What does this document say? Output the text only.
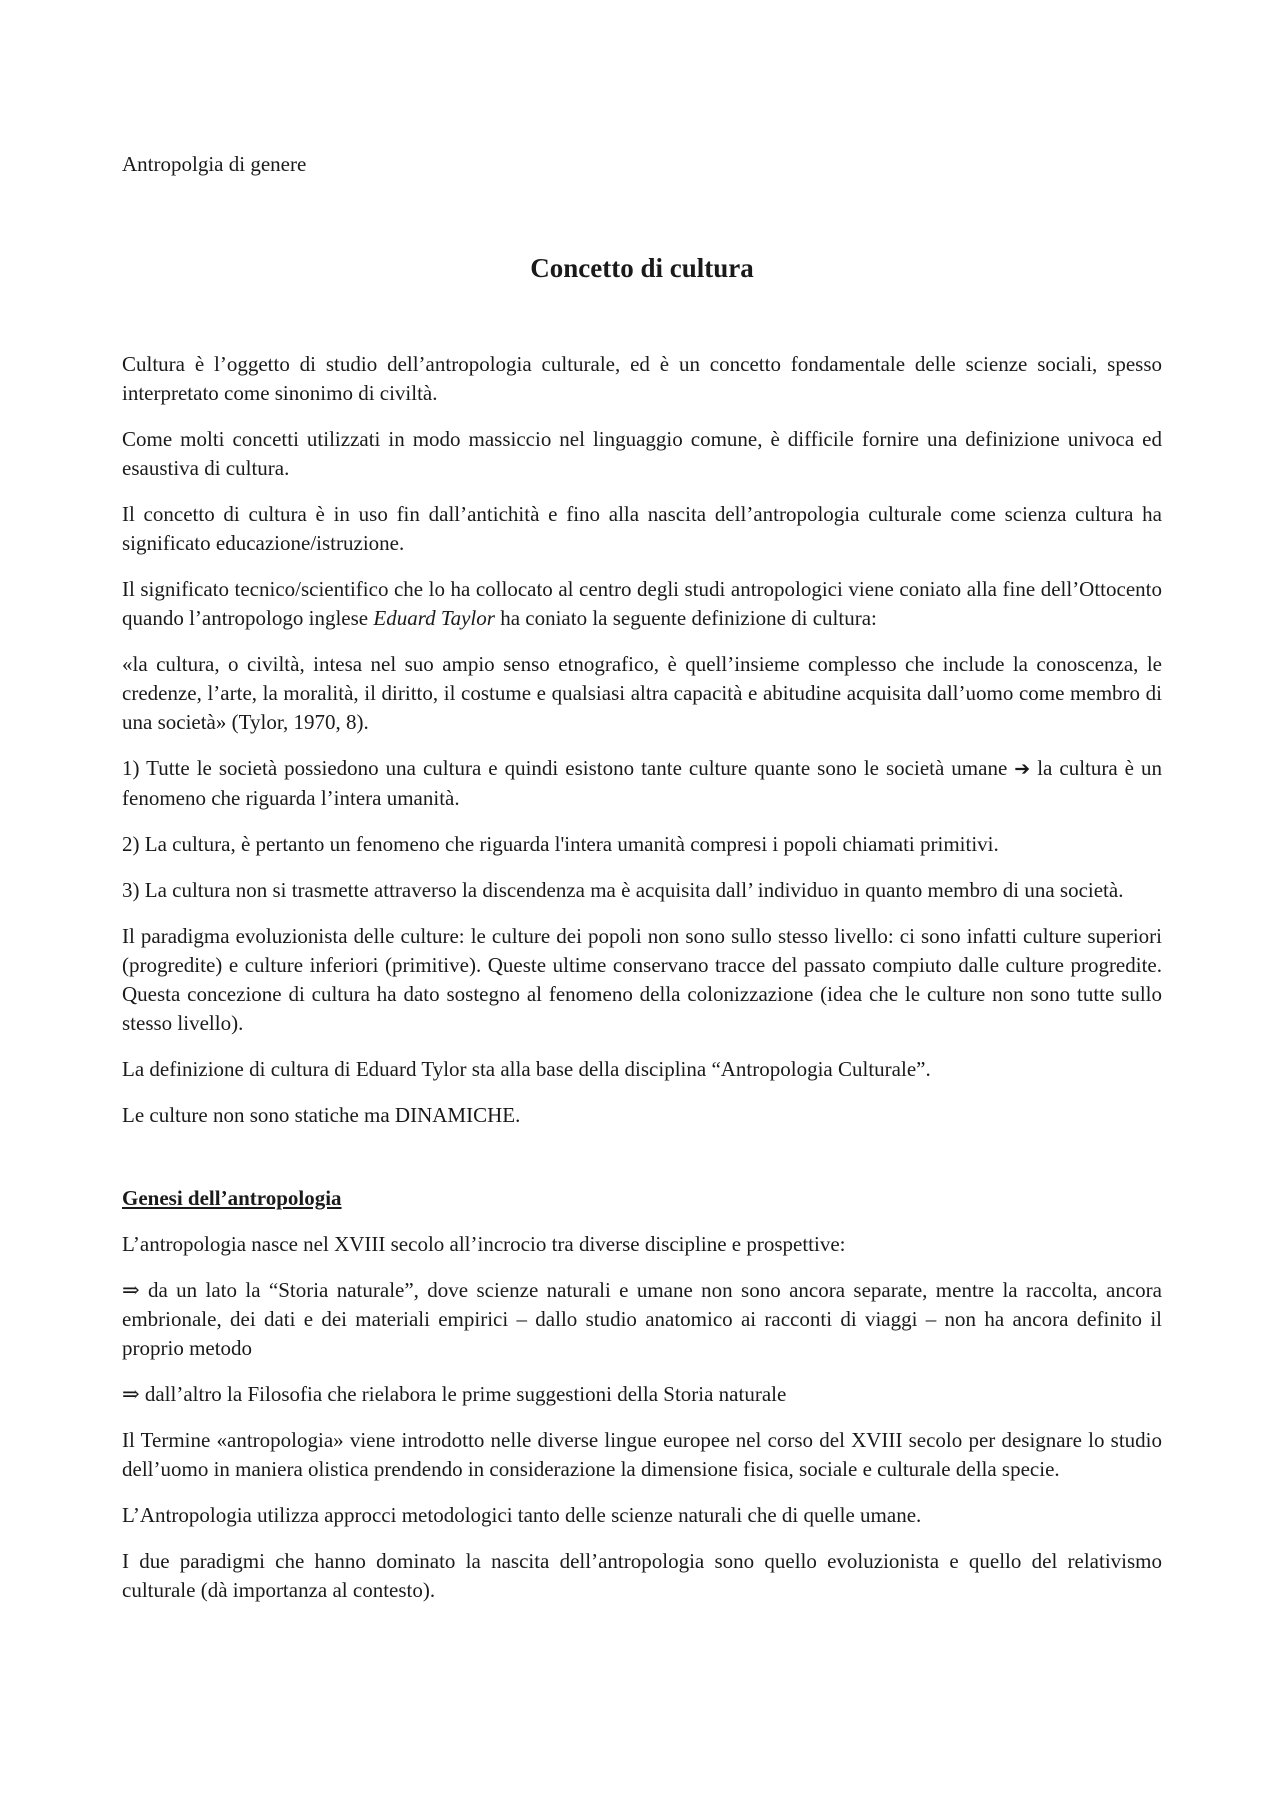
Antropolgia di genere

Concetto di cultura

Cultura è l’oggetto di studio dell’antropologia culturale, ed è un concetto fondamentale delle scienze sociali, spesso interpretato come sinonimo di civiltà.

Come molti concetti utilizzati in modo massiccio nel linguaggio comune, è difficile fornire una definizione univoca ed esaustiva di cultura.

Il concetto di cultura è in uso fin dall’antichità e fino alla nascita dell’antropologia culturale come scienza cultura ha significato educazione/istruzione.

Il significato tecnico/scientifico che lo ha collocato al centro degli studi antropologici viene coniato alla fine dell’Ottocento quando l’antropologo inglese Eduard Taylor ha coniato la seguente definizione di cultura:

«la cultura, o civiltà, intesa nel suo ampio senso etnografico, è quell’insieme complesso che include la conoscenza, le credenze, l’arte, la moralità, il diritto, il costume e qualsiasi altra capacità e abitudine acquisita dall’uomo come membro di una società» (Tylor, 1970, 8).

1) Tutte le società possiedono una cultura e quindi esistono tante culture quante sono le società umane ➔ la cultura è un fenomeno che riguarda l’intera umanità.

2) La cultura, è pertanto un fenomeno che riguarda l'intera umanità compresi i popoli chiamati primitivi.

3) La cultura non si trasmette attraverso la discendenza ma è acquisita dall’ individuo in quanto membro di una società.

Il paradigma evoluzionista delle culture: le culture dei popoli non sono sullo stesso livello: ci sono infatti culture superiori (progredite) e culture inferiori (primitive). Queste ultime conservano tracce del passato compiuto dalle culture progredite. Questa concezione di cultura ha dato sostegno al fenomeno della colonizzazione (idea che le culture non sono tutte sullo stesso livello).

La definizione di cultura di Eduard Tylor sta alla base della disciplina “Antropologia Culturale”.

Le culture non sono statiche ma DINAMICHE.

Genesi dell’antropologia

L’antropologia nasce nel XVIII secolo all’incrocio tra diverse discipline e prospettive:

⇒ da un lato la “Storia naturale”, dove scienze naturali e umane non sono ancora separate, mentre la raccolta, ancora embrionale, dei dati e dei materiali empirici – dallo studio anatomico ai racconti di viaggi – non ha ancora definito il proprio metodo

⇒ dall’altro la Filosofia che rielabora le prime suggestioni della Storia naturale

Il Termine «antropologia» viene introdotto nelle diverse lingue europee nel corso del XVIII secolo per designare lo studio dell’uomo in maniera olistica prendendo in considerazione la dimensione fisica, sociale e culturale della specie.

L’Antropologia utilizza approcci metodologici tanto delle scienze naturali che di quelle umane.

I due paradigmi che hanno dominato la nascita dell’antropologia sono quello evoluzionista e quello del relativismo culturale (dà importanza al contesto).
